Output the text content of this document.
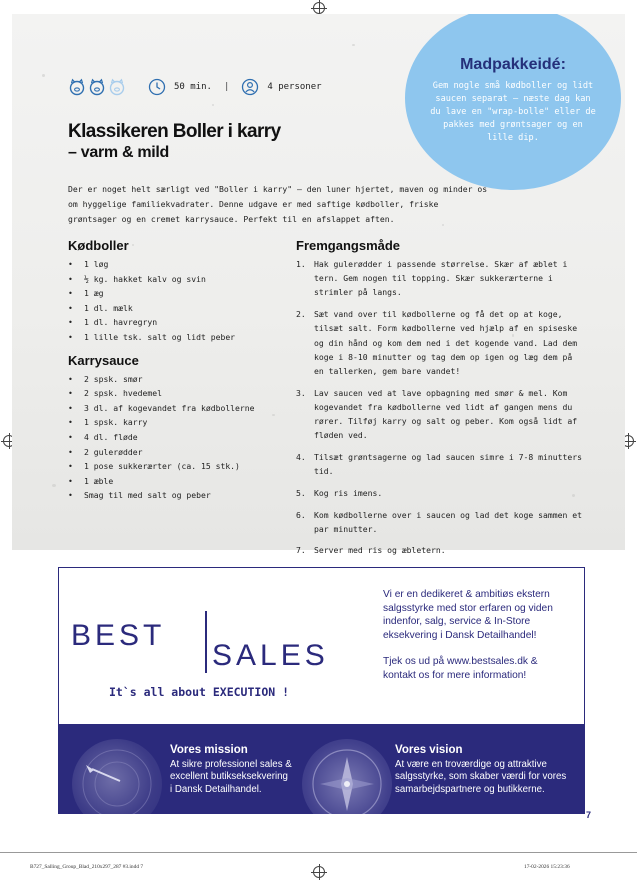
Madpakkeidé:
Gem nogle små kødboller og lidt saucen separat – næste dag kan du lave en "wrap-bolle" eller de pakkes med grøntsager og en lille dip.
50 min. |	4 personer
Klassikeren Boller i karry
– varm & mild

Der er noget helt særligt ved "Boller i karry" – den luner hjertet, maven og minder os om hyggelige familiekvadrater. Denne udgave er med saftige kødboller, friske grøntsager og en cremet karrysauce. Perfekt til en afslappet aften.

Kødboller
• 1 løg
• ½ kg. hakket kalv og svin
• 1 æg
• 1 dl. mælk
• 1 dl. havregryn
• 1 lille tsk. salt og lidt peber
Karrysauce
• 2 spsk. smør
• 2 spsk. hvedemel
• 3 dl. af kogevandet fra kødbollerne
• 1 spsk. karry
• 4 dl. fløde
• 2 gulerødder
• 1 pose sukkerærter (ca. 15 stk.)
• 1 æble
• Smag til med salt og peber
Fremgangsmåde
1.	Hak gulerødder i passende størrelse. Skær af æblet i tern. Gem nogen til topping. Skær sukkerærterne i strimler på langs.
2.	Sæt vand over til kødbollerne og få det op at koge, tilsæt salt. Form kødbollerne ved hjælp af en spiseske og din hånd og kom dem ned i det kogende vand. Lad dem koge i 8-10 minutter og tag dem op igen og læg dem på en tallerken, gem bare vandet!
3.	Lav saucen ved at lave opbagning med smør & mel. Kom kogevandet fra kødbollerne ved lidt af gangen mens du rører. Tilføj karry og salt og peber. Kom også lidt af fløden ved.
4.	Tilsæt grøntsagerne og lad saucen simre i 7-8 minutters tid.
5.	Kog ris imens.
6.	Kom kødbollerne over i saucen og lad det koge sammen et par minutter.
7.	Server med ris og æbletern.
BEST
SALES
It`s all about EXECUTION !

Vi er en dedikeret & ambitiøs ekstern salgsstyrke med stor erfaren og viden indenfor, salg, service & In-Store eksekvering i Dansk Detailhandel!

Tjek os ud på www.bestsales.dk & kontakt os for mere information!

Vores mission
At sikre professionel sales & excellent butikseksekvering i Dansk Detailhandel.
Vores vision
At være en troværdige og attraktive salgsstyrke, som skaber værdi for vores samarbejdspartnere og butikkerne.
7
B727_Salling_Group_Blad_210x297_287 #3.indd 7	17-02-2026 15:23:36
